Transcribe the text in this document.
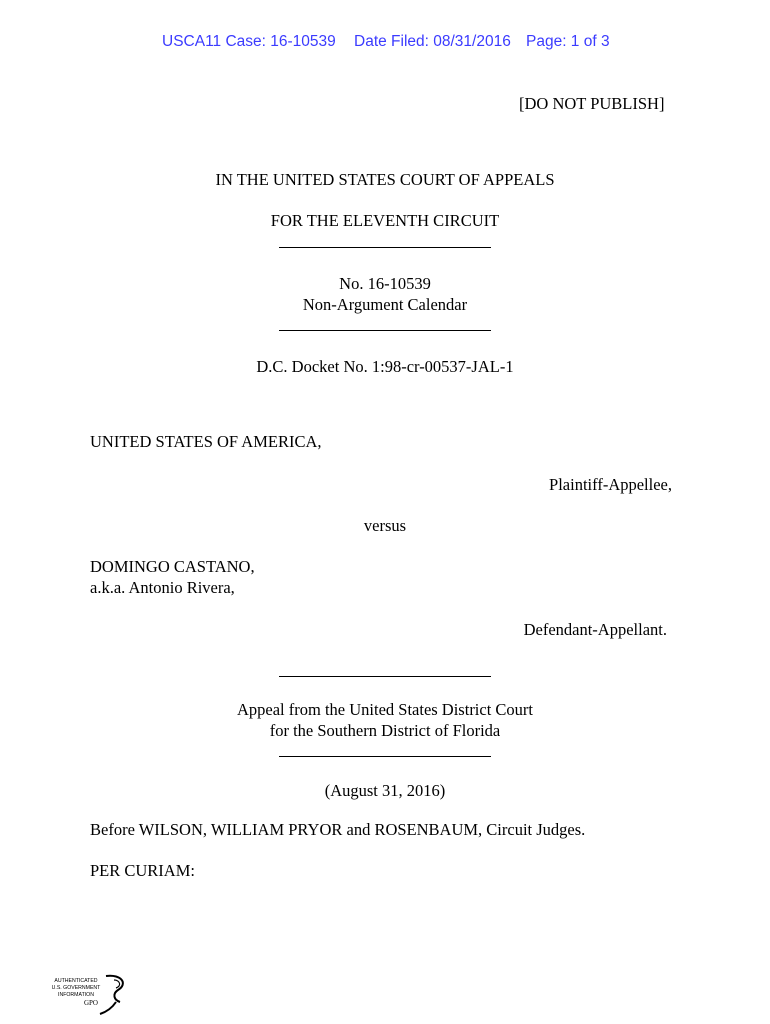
USCA11 Case: 16-10539 Date Filed: 08/31/2016 Page: 1 of 3
[DO NOT PUBLISH]
IN THE UNITED STATES COURT OF APPEALS
FOR THE ELEVENTH CIRCUIT
No. 16-10539
Non-Argument Calendar
D.C. Docket No. 1:98-cr-00537-JAL-1
UNITED STATES OF AMERICA,
Plaintiff-Appellee,
versus
DOMINGO CASTANO,
a.k.a. Antonio Rivera,
Defendant-Appellant.
Appeal from the United States District Court
for the Southern District of Florida
(August 31, 2016)
Before WILSON, WILLIAM PRYOR and ROSENBAUM, Circuit Judges.
PER CURIAM:
AUTHENTICATED
U.S. GOVERNMENT
INFORMATION
GPO
